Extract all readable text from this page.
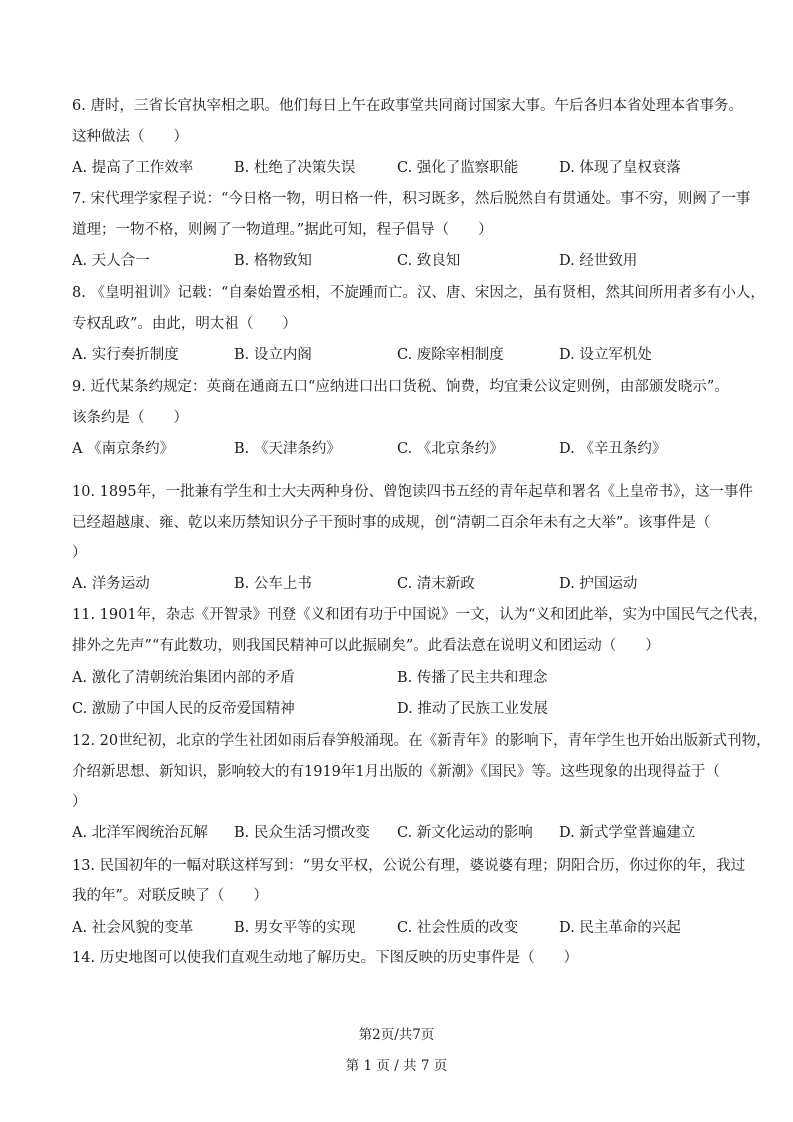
6. 唐时，三省长官执宰相之职。他们每日上午在政事堂共同商讨国家大事。午后各归本省处理本省事务。
这种做法（　　）
A. 提高了工作效率	B. 杜绝了决策失误	C. 强化了监察职能	D. 体现了皇权衰落
7. 宋代理学家程子说：“今日格一物，明日格一件，积习既多，然后脱然自有贯通处。事不穷，则阙了一事
道理；一物不格，则阙了一物道理。”据此可知，程子倡导（　　）
A. 天人合一	B. 格物致知	C. 致良知	D. 经世致用
8. 《皇明祖训》记载：“自秦始置丞相，不旋踵而亡。汉、唐、宋因之，虽有贤相，然其间所用者多有小人，
专权乱政”。由此，明太祖（　　）
A. 实行奏折制度	B. 设立内阁	C. 废除宰相制度	D. 设立军机处
9. 近代某条约规定：英商在通商五口“应纳进口出口货税、饷费，均宜秉公议定则例，由部颁发晓示”。
该条约是（　　）
A 《南京条约》	B. 《天津条约》	C. 《北京条约》	D. 《辛丑条约》
10. 1895年，一批兼有学生和士大夫两种身份、曾饱读四书五经的青年起草和署名《上皇帝书》，这一事件
已经超越康、雍、乾以来历禁知识分子干预时事的成规，创“清朝二百余年未有之大举”。该事件是（
）
A. 洋务运动	B. 公车上书	C. 清末新政	D. 护国运动
11. 1901年，杂志《开智录》刊登《义和团有功于中国说》一文，认为“义和团此举，实为中国民气之代表，
排外之先声”“有此数功，则我国民精神可以此振刷矣”。此看法意在说明义和团运动（　　）
A. 激化了清朝统治集团内部的矛盾	B. 传播了民主共和理念
C. 激励了中国人民的反帝爱国精神	D. 推动了民族工业发展
12. 20世纪初，北京的学生社团如雨后春笋般涌现。在《新青年》的影响下，青年学生也开始出版新式刊物，
介绍新思想、新知识，影响较大的有1919年1月出版的《新潮》《国民》等。这些现象的出现得益于（
）
A. 北洋军阀统治瓦解 B. 民众生活习惯改变 C. 新文化运动的影响 D. 新式学堂普遍建立
13. 民国初年的一幅对联这样写到：“男女平权，公说公有理，婆说婆有理；阴阳合历，你过你的年，我过
我的年”。对联反映了（　　）
A. 社会风貌的变革	B. 男女平等的实现	C. 社会性质的改变	D. 民主革命的兴起
14. 历史地图可以使我们直观生动地了解历史。下图反映的历史事件是（　　）
第2页/共7页
第 1 页 / 共 7 页
